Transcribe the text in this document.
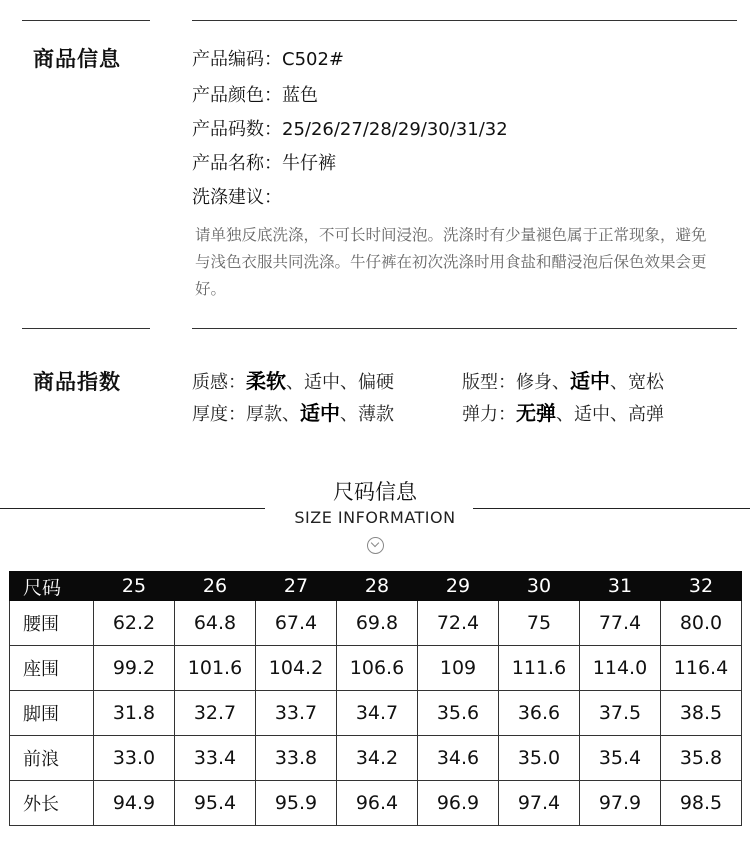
商品信息	产品编码：C502#
产品颜色：蓝色
产品码数：25/26/27/28/29/30/31/32
产品名称：牛仔裤
洗涤建议：
请单独反底洗涤，不可长时间浸泡。洗涤时有少量褪色属于正常现象，避免与浅色衣服共同洗涤。牛仔裤在初次洗涤时用食盐和醋浸泡后保色效果会更好。
商品指数	质感：柔软、适中、偏硬	版型：修身、适中、宽松
厚度：厚款、适中、薄款	弹力：无弹、适中、高弹
尺码信息
SIZE INFORMATION
尺码	25	26	27	28	29	30	31	32
腰围	62.2	64.8	67.4	69.8	72.4	75	77.4	80.0
座围	99.2	101.6	104.2	106.6	109	111.6	114.0	116.4
脚围	31.8	32.7	33.7	34.7	35.6	36.6	37.5	38.5
前浪	33.0	33.4	33.8	34.2	34.6	35.0	35.4	35.8
外长	94.9	95.4	95.9	96.4	96.9	97.4	97.9	98.5
